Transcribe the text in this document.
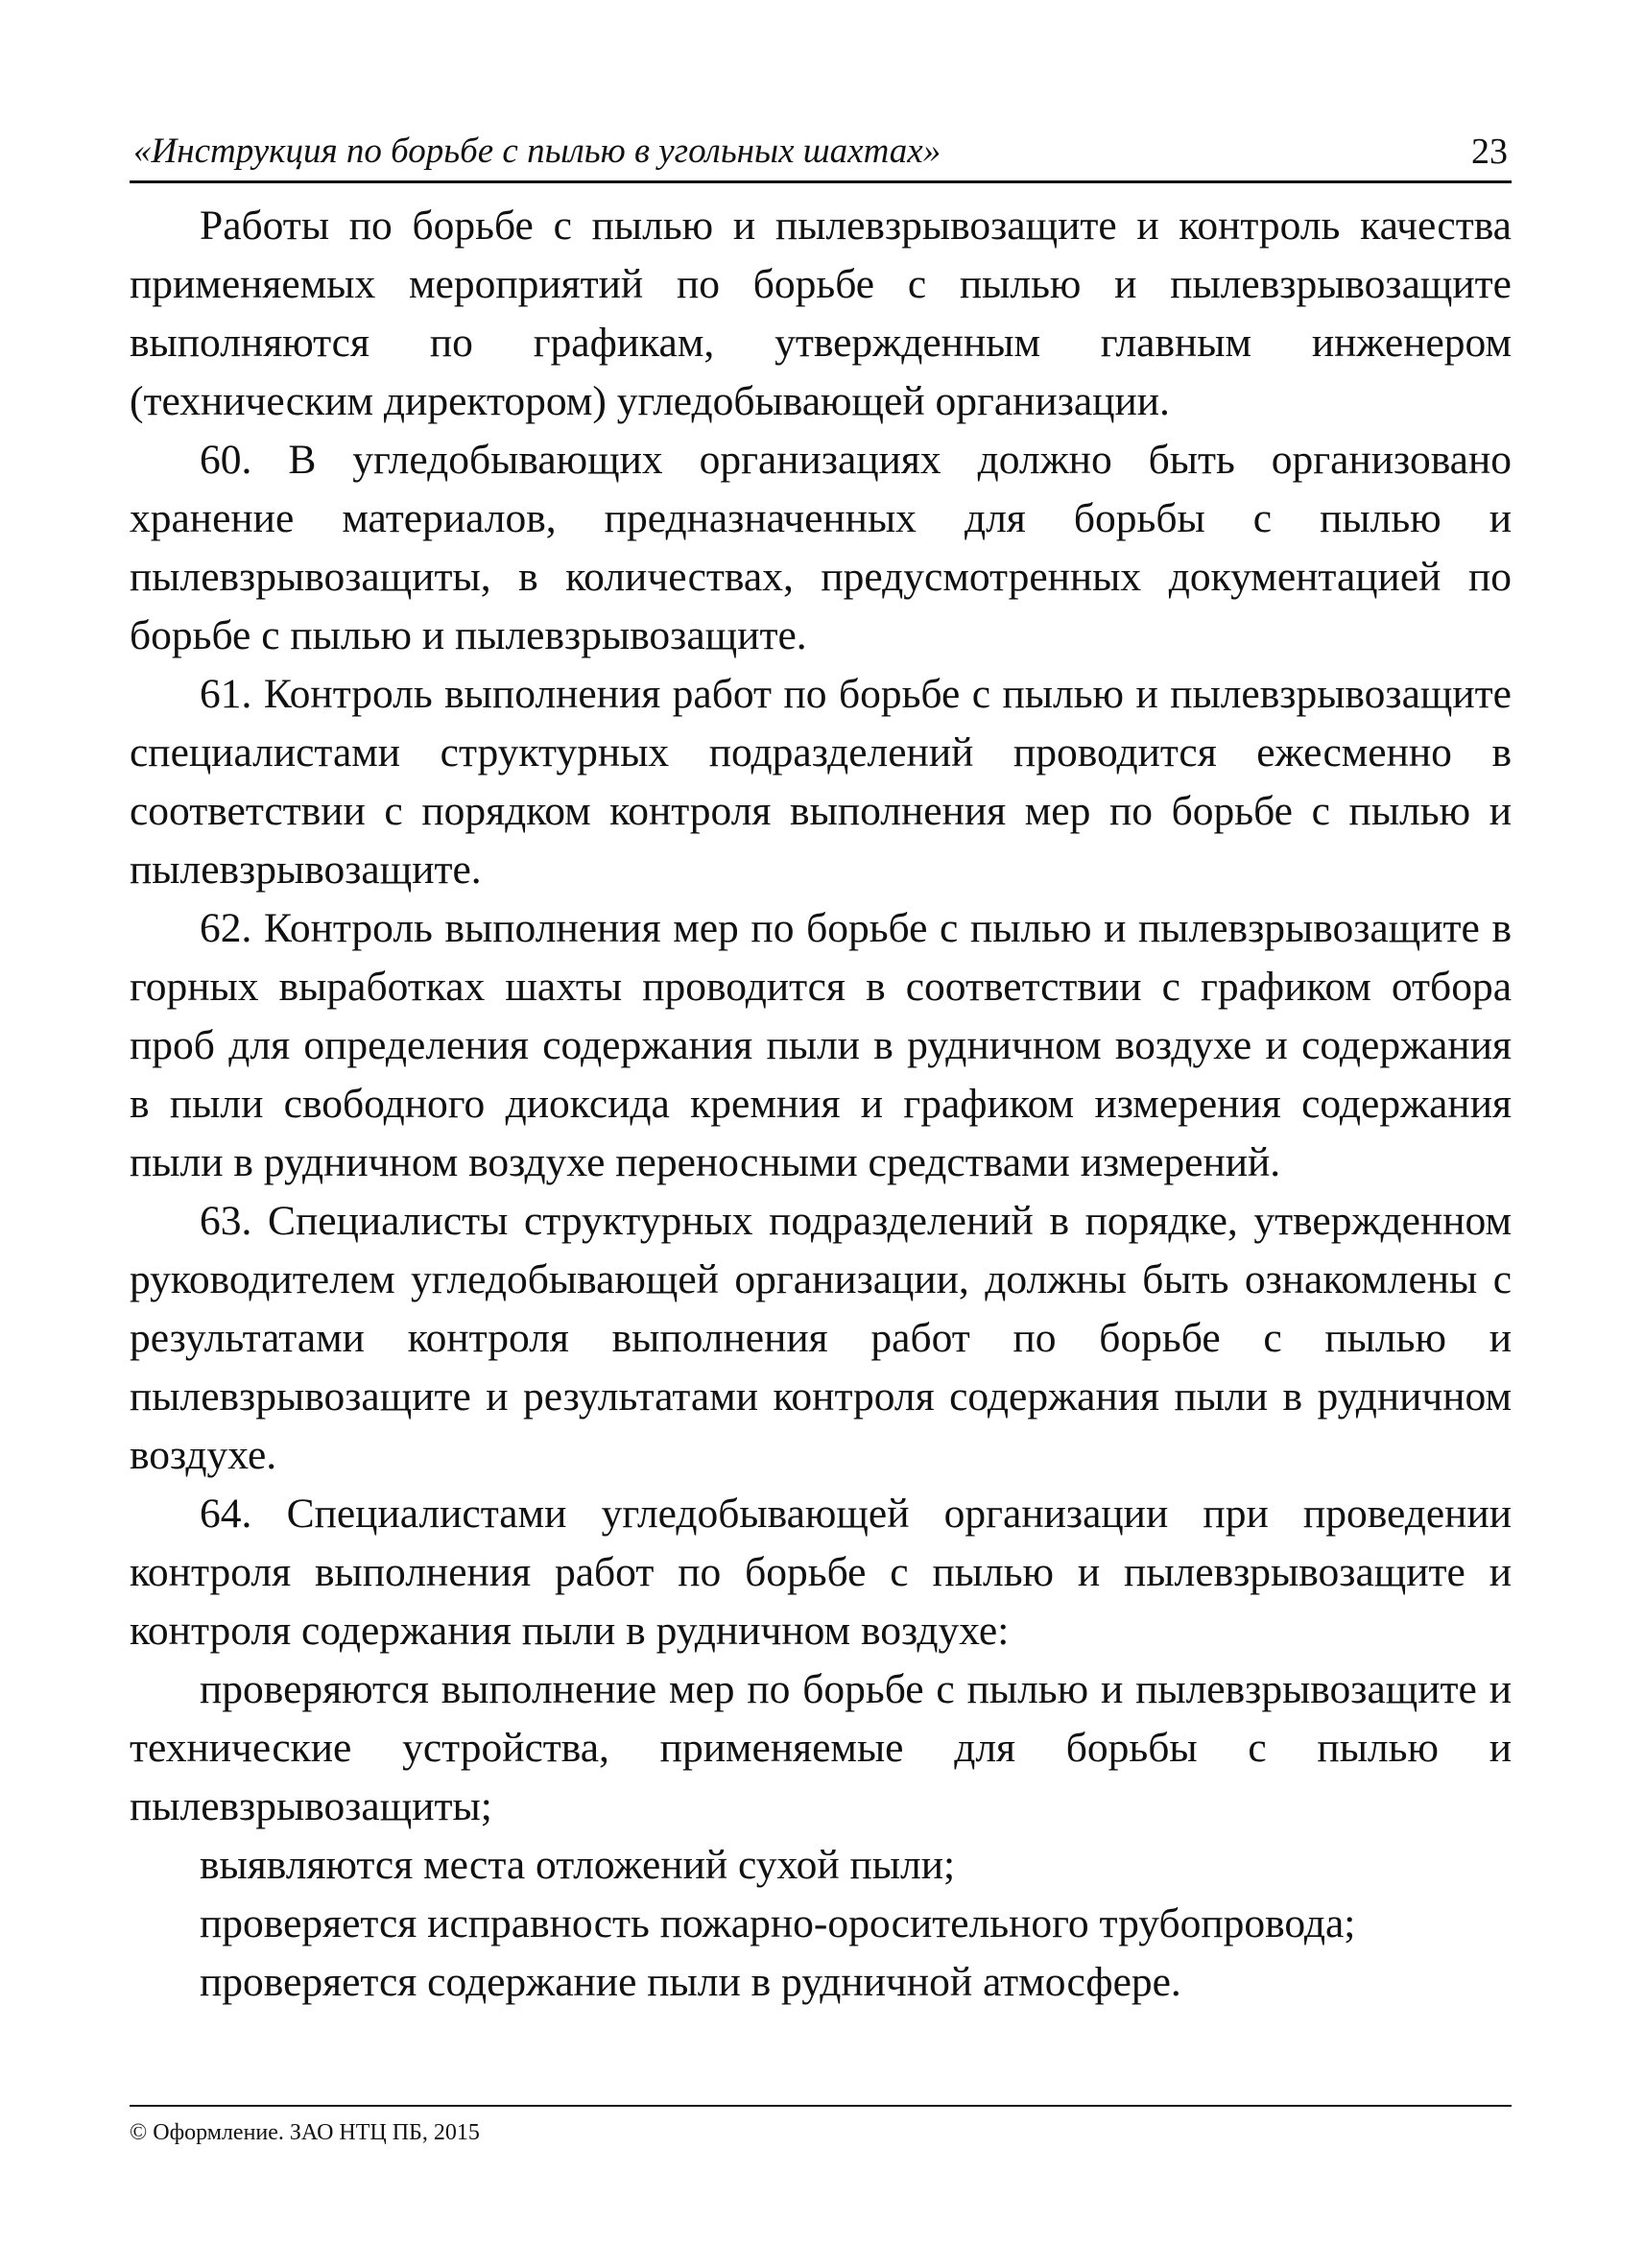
«Инструкция по борьбе с пылью в угольных шахтах»	23

Работы по борьбе с пылью и пылевзрывозащите и контроль качества применяемых мероприятий по борьбе с пылью и пылевзрывозащите выполняются по графикам, утвержденным главным инженером (техническим директором) угледобывающей организации.

60. В угледобывающих организациях должно быть организовано хранение материалов, предназначенных для борьбы с пылью и пылевзрывозащиты, в количествах, предусмотренных документацией по борьбе с пылью и пылевзрывозащите.

61. Контроль выполнения работ по борьбе с пылью и пылевзрывозащите специалистами структурных подразделений проводится ежесменно в соответствии с порядком контроля выполнения мер по борьбе с пылью и пылевзрывозащите.

62. Контроль выполнения мер по борьбе с пылью и пылевзрывозащите в горных выработках шахты проводится в соответствии с графиком отбора проб для определения содержания пыли в рудничном воздухе и содержания в пыли свободного диоксида кремния и графиком измерения содержания пыли в рудничном воздухе переносными средствами измерений.

63. Специалисты структурных подразделений в порядке, утвержденном руководителем угледобывающей организации, должны быть ознакомлены с результатами контроля выполнения работ по борьбе с пылью и пылевзрывозащите и результатами контроля содержания пыли в рудничном воздухе.

64. Специалистами угледобывающей организации при проведении контроля выполнения работ по борьбе с пылью и пылевзрывозащите и контроля содержания пыли в рудничном воздухе:

проверяются выполнение мер по борьбе с пылью и пылевзрывозащите и технические устройства, применяемые для борьбы с пылью и пылевзрывозащиты;

выявляются места отложений сухой пыли;

проверяется исправность пожарно-оросительного трубопровода;

проверяется содержание пыли в рудничной атмосфере.

© Оформление. ЗАО НТЦ ПБ, 2015
